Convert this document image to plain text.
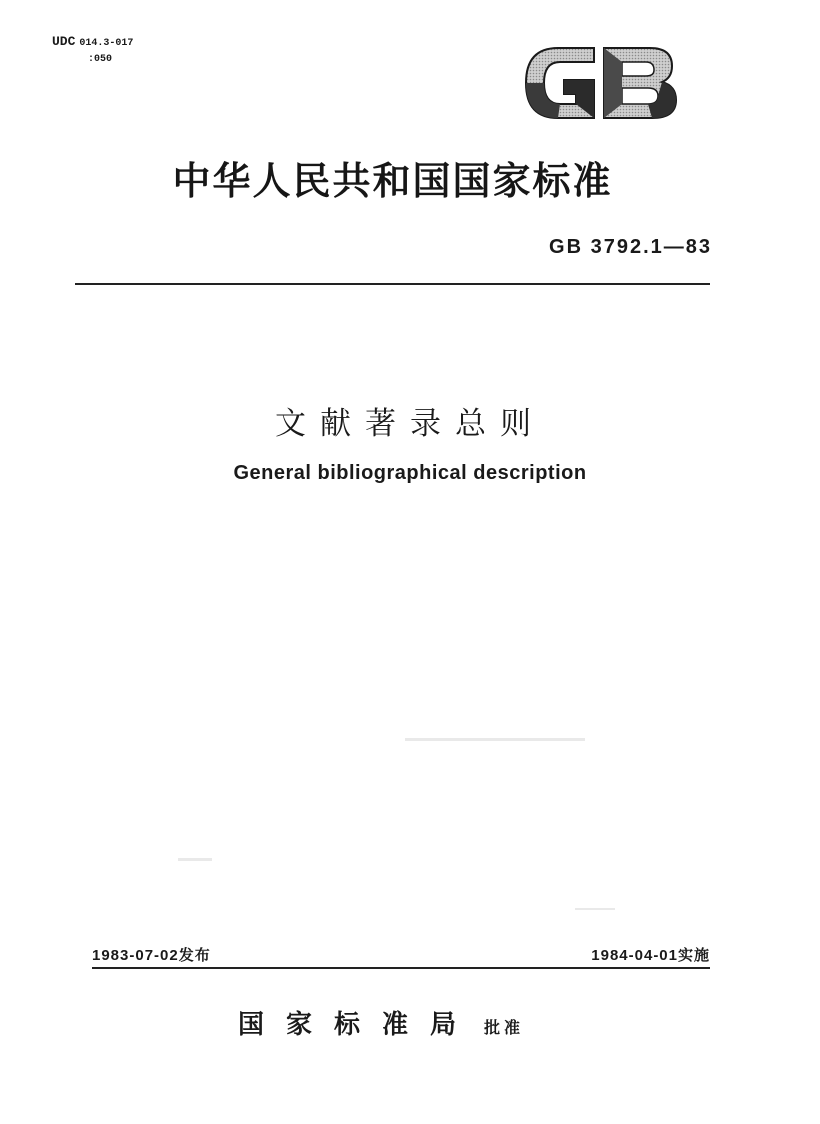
UDC 014.3-017
:050
中华人民共和国国家标准
GB 3792.1—83
文献著录总则
General bibliographical description
1983-07-02发布	1984-04-01实施
国家标准局 批准
